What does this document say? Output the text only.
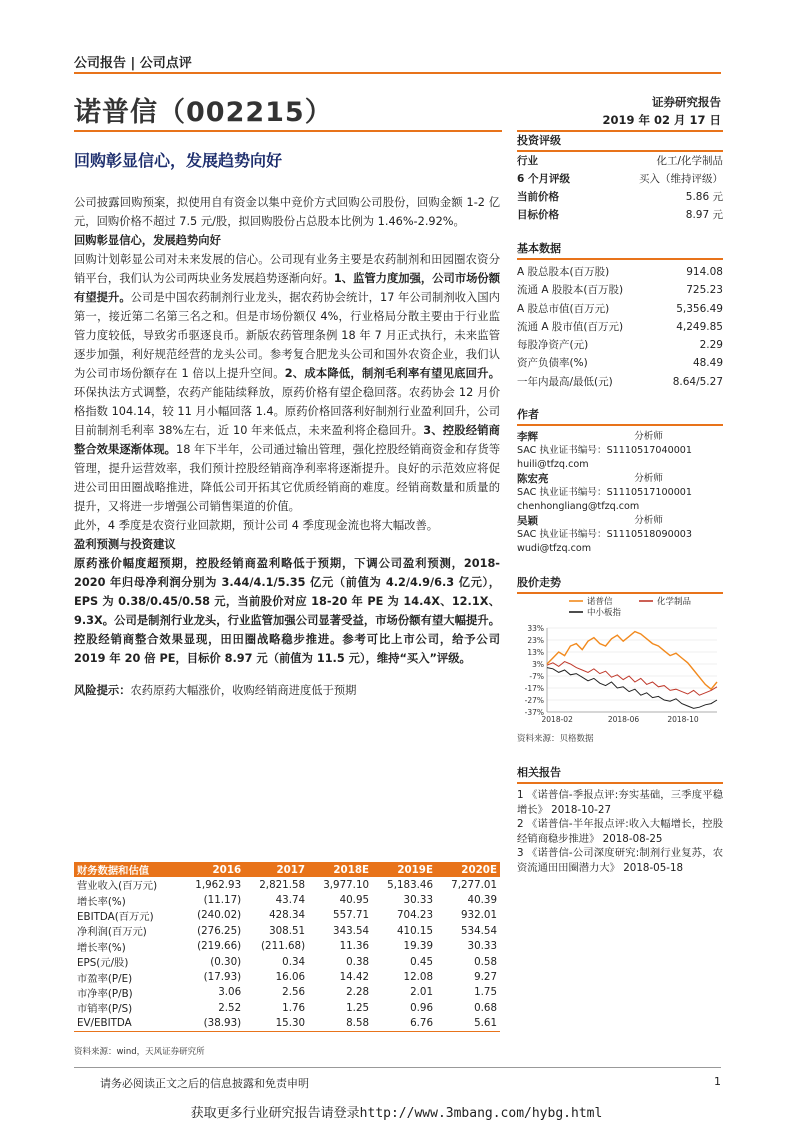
公司报告 | 公司点评
诺普信（002215）	证券研究报告
2019 年 02 月 17 日
回购彰显信心，发展趋势向好

公司披露回购预案，拟使用自有资金以集中竞价方式回购公司股份，回购金额 1-2 亿元，回购价格不超过 7.5 元/股，拟回购股份占总股本比例为 1.46%-2.92%。

回购彰显信心，发展趋势向好

回购计划彰显公司对未来发展的信心。公司现有业务主要是农药制剂和田园圈农资分销平台，我们认为公司两块业务发展趋势逐渐向好。1、监管力度加强，公司市场份额有望提升。公司是中国农药制剂行业龙头，据农药协会统计，17 年公司制剂收入国内第一，接近第二名第三名之和。但是市场份额仅 4%，行业格局分散主要由于行业监管力度较低，导致劣币驱逐良币。新版农药管理条例 18 年 7 月正式执行，未来监管逐步加强，利好规范经营的龙头公司。参考复合肥龙头公司和国外农资企业，我们认为公司市场份额存在 1 倍以上提升空间。2、成本降低，制剂毛利率有望见底回升。环保执法方式调整，农药产能陆续释放，原药价格有望企稳回落。农药协会 12 月价格指数 104.14，较 11 月小幅回落 1.4。原药价格回落利好制剂行业盈利回升，公司目前制剂毛利率 38%左右，近 10 年来低点，未来盈利将企稳回升。3、控股经销商整合效果逐渐体现。18 年下半年，公司通过输出管理，强化控股经销商资金和存货等管理，提升运营效率，我们预计控股经销商净利率将逐渐提升。良好的示范效应将促进公司田田圈战略推进，降低公司开拓其它优质经销商的难度。经销商数量和质量的提升，又将进一步增强公司销售渠道的价值。

此外，4 季度是农资行业回款期，预计公司 4 季度现金流也将大幅改善。

盈利预测与投资建议

原药涨价幅度超预期，控股经销商盈利略低于预期，下调公司盈利预测，2018-2020 年归母净利润分别为 3.44/4.1/5.35 亿元（前值为 4.2/4.9/6.3 亿元），EPS 为 0.38/0.45/0.58 元，当前股价对应 18-20 年 PE 为 14.4X、12.1X、9.3X。公司是制剂行业龙头，行业监管加强公司显著受益，市场份额有望大幅提升。控股经销商整合效果显现，田田圈战略稳步推进。参考可比上市公司，给予公司 2019 年 20 倍 PE，目标价 8.97 元（前值为 11.5 元），维持“买入”评级。

风险提示：农药原药大幅涨价，收购经销商进度低于预期

投资评级
行业	化工/化学制品
6 个月评级	买入（维持评级）
当前价格	5.86 元
目标价格	8.97 元
基本数据
A 股总股本(百万股)	914.08
流通 A 股股本(百万股)	725.23
A 股总市值(百万元)	5,356.49
流通 A 股市值(百万元)	4,249.85
每股净资产(元)	2.29
资产负债率(%)	48.49
一年内最高/最低(元)	8.64/5.27
作者
李辉	分析师
SAC 执业证书编号：S1110517040001
huili@tfzq.com
陈宏亮	分析师
SAC 执业证书编号：S1110517100001
chenhongliang@tfzq.com
吴颖	分析师
SAC 执业证书编号：S1110518090003
wudi@tfzq.com
股价走势
33%
23%
13%
3%
-7%
-17%
-27%
-37%
2018-02	2018-06	2018-10
诺普信	化学制品
中小板指
资料来源：贝格数据
相关报告
1 《诺普信-季报点评:夯实基础，三季度平稳增长》 2018-10-27
2 《诺普信-半年报点评:收入大幅增长，控股经销商稳步推进》 2018-08-25
3 《诺普信-公司深度研究:制剂行业复苏，农资流通田田圈潜力大》 2018-05-18
财务数据和估值	2016	2017	2018E	2019E	2020E
营业收入(百万元)	1,962.93	2,821.58	3,977.10	5,183.46	7,277.01
增长率(%)	(11.17)	43.74	40.95	30.33	40.39
EBITDA(百万元)	(240.02)	428.34	557.71	704.23	932.01
净利润(百万元)	(276.25)	308.51	343.54	410.15	534.54
增长率(%)	(219.66)	(211.68)	11.36	19.39	30.33
EPS(元/股)	(0.30)	0.34	0.38	0.45	0.58
市盈率(P/E)	(17.93)	16.06	14.42	12.08	9.27
市净率(P/B)	3.06	2.56	2.28	2.01	1.75
市销率(P/S)	2.52	1.76	1.25	0.96	0.68
EV/EBITDA	(38.93)	15.30	8.58	6.76	5.61
资料来源：wind，天风证券研究所
请务必阅读正文之后的信息披露和免责申明	1
获取更多行业研究报告请登录http://www.3mbang.com/hybg.html
